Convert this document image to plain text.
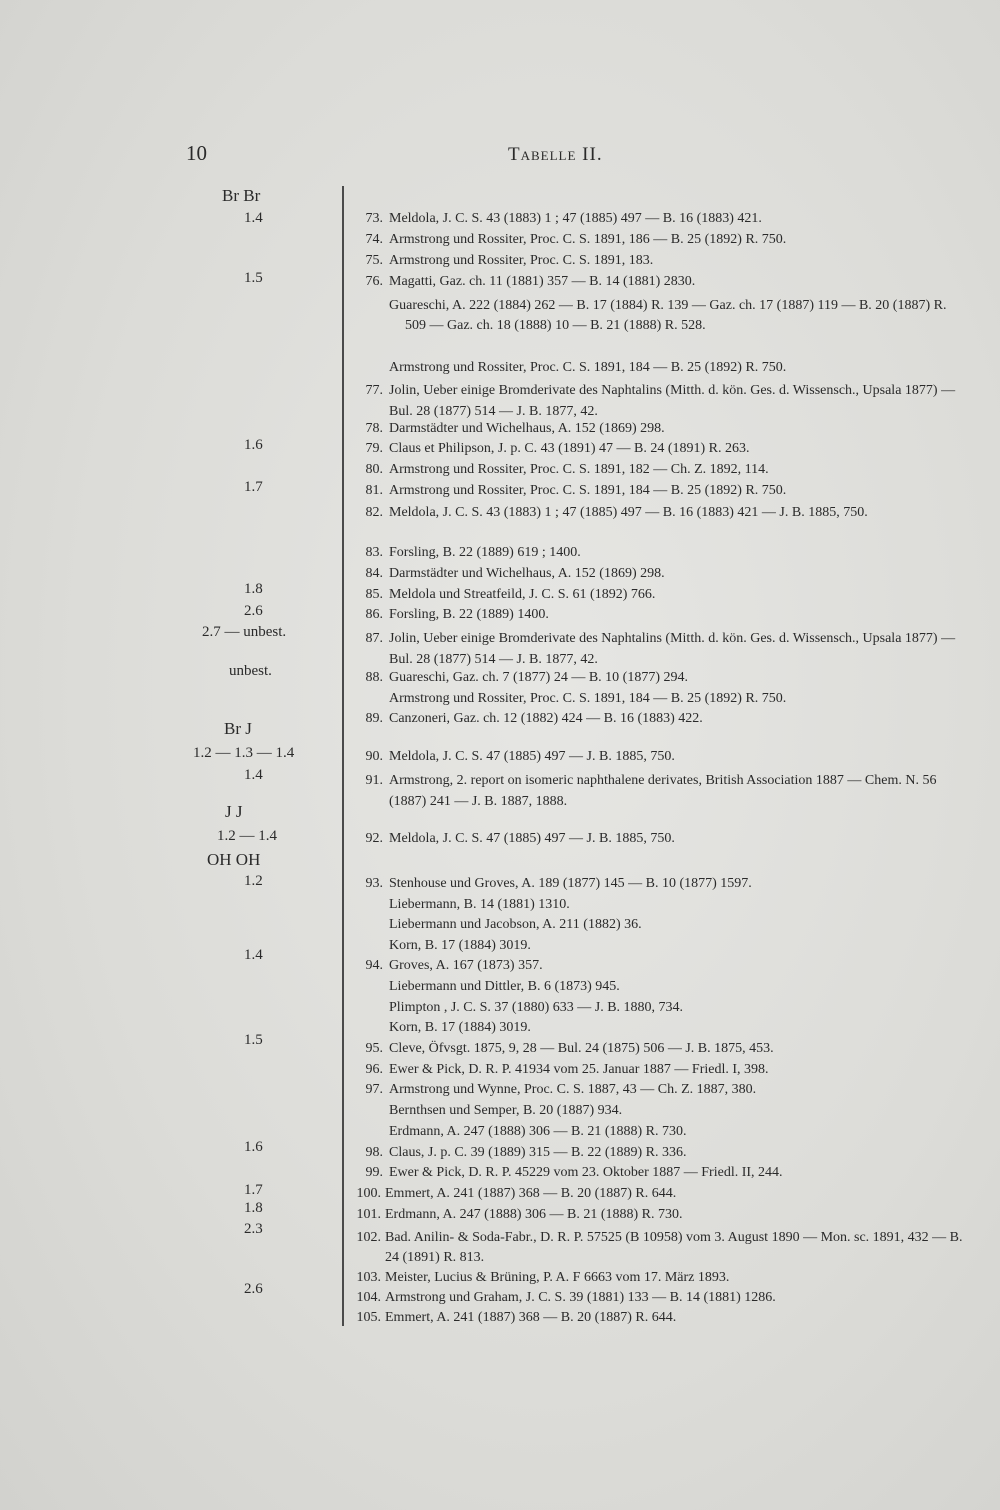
10	Tabelle II.
Br Br
1.4
1.5
1.6
1.7
1.8
2.6
2.7 — unbest.
unbest.
Br J
1.2 — 1.3 — 1.4
1.4
J J
1.2 — 1.4
OH OH
1.2
1.4
1.5
1.6
1.7
1.8
2.3
2.6
73. Meldola, J. C. S. 43 (1883) 1 ; 47 (1885) 497 — B. 16 (1883) 421.
74. Armstrong und Rossiter, Proc. C. S. 1891, 186 — B. 25 (1892) R. 750.
75. Armstrong und Rossiter, Proc. C. S. 1891, 183.
76. Magatti, Gaz. ch. 11 (1881) 357 — B. 14 (1881) 2830.
Guareschi, A. 222 (1884) 262 — B. 17 (1884) R. 139 — Gaz. ch. 17 (1887) 119 — B. 20 (1887) R. 509 — Gaz. ch. 18 (1888) 10 — B. 21 (1888) R. 528.
Armstrong und Rossiter, Proc. C. S. 1891, 184 — B. 25 (1892) R. 750.
77. Jolin, Ueber einige Bromderivate des Naphtalins (Mitth. d. kön. Ges. d. Wissensch., Upsala 1877) — Bul. 28 (1877) 514 — J. B. 1877, 42.
78. Darmstädter und Wichelhaus, A. 152 (1869) 298.
79. Claus et Philipson, J. p. C. 43 (1891) 47 — B. 24 (1891) R. 263.
80. Armstrong und Rossiter, Proc. C. S. 1891, 182 — Ch. Z. 1892, 114.
81. Armstrong und Rossiter, Proc. C. S. 1891, 184 — B. 25 (1892) R. 750.
82. Meldola, J. C. S. 43 (1883) 1 ; 47 (1885) 497 — B. 16 (1883) 421 — J. B. 1885, 750.
83. Forsling, B. 22 (1889) 619 ; 1400.
84. Darmstädter und Wichelhaus, A. 152 (1869) 298.
85. Meldola und Streatfeild, J. C. S. 61 (1892) 766.
86. Forsling, B. 22 (1889) 1400.
87. Jolin, Ueber einige Bromderivate des Naphtalins (Mitth. d. kön. Ges. d. Wissensch., Upsala 1877) — Bul. 28 (1877) 514 — J. B. 1877, 42.
88. Guareschi, Gaz. ch. 7 (1877) 24 — B. 10 (1877) 294.
Armstrong und Rossiter, Proc. C. S. 1891, 184 — B. 25 (1892) R. 750.
89. Canzoneri, Gaz. ch. 12 (1882) 424 — B. 16 (1883) 422.
90. Meldola, J. C. S. 47 (1885) 497 — J. B. 1885, 750.
91. Armstrong, 2. report on isomeric naphthalene derivates, British Association 1887 — Chem. N. 56 (1887) 241 — J. B. 1887, 1888.
92. Meldola, J. C. S. 47 (1885) 497 — J. B. 1885, 750.
93. Stenhouse und Groves, A. 189 (1877) 145 — B. 10 (1877) 1597.
Liebermann, B. 14 (1881) 1310.
Liebermann und Jacobson, A. 211 (1882) 36.
Korn, B. 17 (1884) 3019.
94. Groves, A. 167 (1873) 357.
Liebermann und Dittler, B. 6 (1873) 945.
Plimpton , J. C. S. 37 (1880) 633 — J. B. 1880, 734.
Korn, B. 17 (1884) 3019.
95. Cleve, Öfvsgt. 1875, 9, 28 — Bul. 24 (1875) 506 — J. B. 1875, 453.
96. Ewer & Pick, D. R. P. 41934 vom 25. Januar 1887 — Friedl. I, 398.
97. Armstrong und Wynne, Proc. C. S. 1887, 43 — Ch. Z. 1887, 380.
Bernthsen und Semper, B. 20 (1887) 934.
Erdmann, A. 247 (1888) 306 — B. 21 (1888) R. 730.
98. Claus, J. p. C. 39 (1889) 315 — B. 22 (1889) R. 336.
99. Ewer & Pick, D. R. P. 45229 vom 23. Oktober 1887 — Friedl. II, 244.
100. Emmert, A. 241 (1887) 368 — B. 20 (1887) R. 644.
101. Erdmann, A. 247 (1888) 306 — B. 21 (1888) R. 730.
102. Bad. Anilin- & Soda-Fabr., D. R. P. 57525 (B 10958) vom 3. August 1890 — Mon. sc. 1891, 432 — B. 24 (1891) R. 813.
103. Meister, Lucius & Brüning, P. A. F 6663 vom 17. März 1893.
104. Armstrong und Graham, J. C. S. 39 (1881) 133 — B. 14 (1881) 1286.
105. Emmert, A. 241 (1887) 368 — B. 20 (1887) R. 644.
